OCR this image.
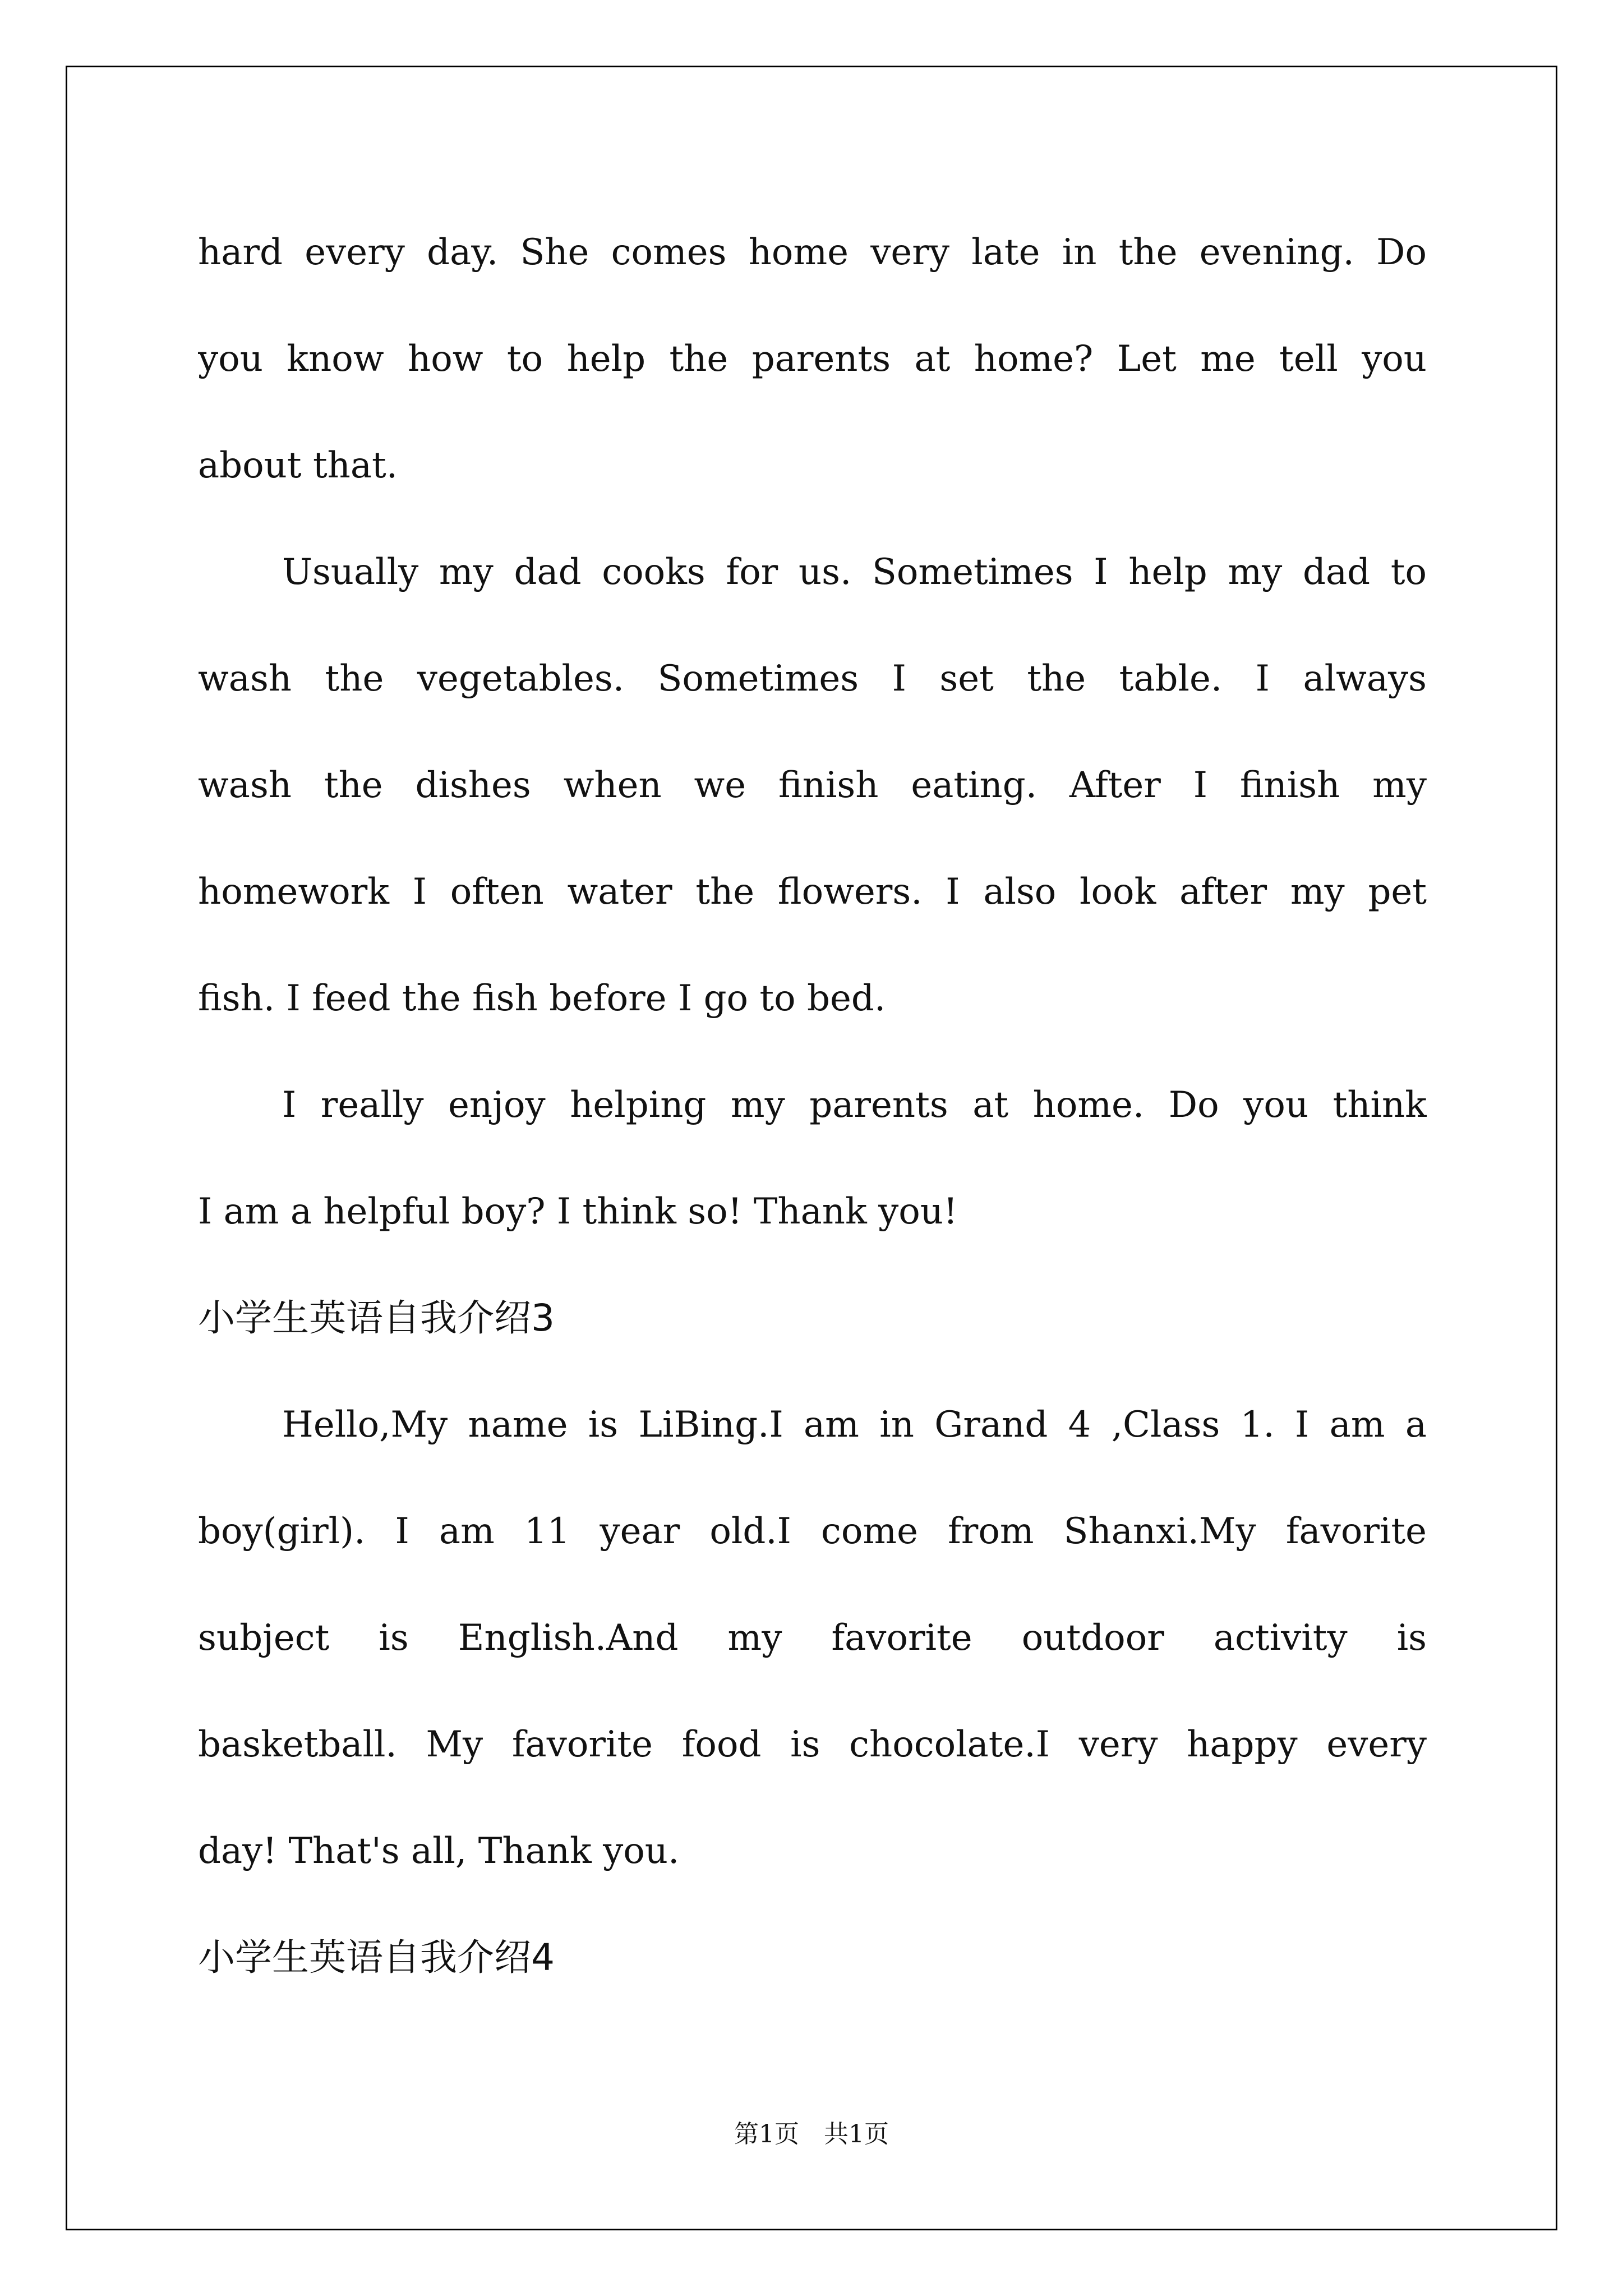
hard every day. She comes home very late in the evening. Do
you know how to help the parents at home? Let me tell you
about that.
Usually my dad cooks for us. Sometimes I help my dad to
wash the vegetables. Sometimes I set the table. I always
wash the dishes when we finish eating. After I finish my
homework I often water the flowers. I also look after my pet
fish. I feed the fish before I go to bed.
I really enjoy helping my parents at home. Do you think
I am a helpful boy? I think so! Thank you!
小学生英语自我介绍3
Hello,My name is LiBing.I am in Grand 4 ,Class 1. I am a
boy(girl). I am 11 year old.I come from Shanxi.My favorite
subject is English.And my favorite outdoor activity is
basketball. My favorite food is chocolate.I very happy every
day! That's all, Thank you.
小学生英语自我介绍4
第1页 共1页
